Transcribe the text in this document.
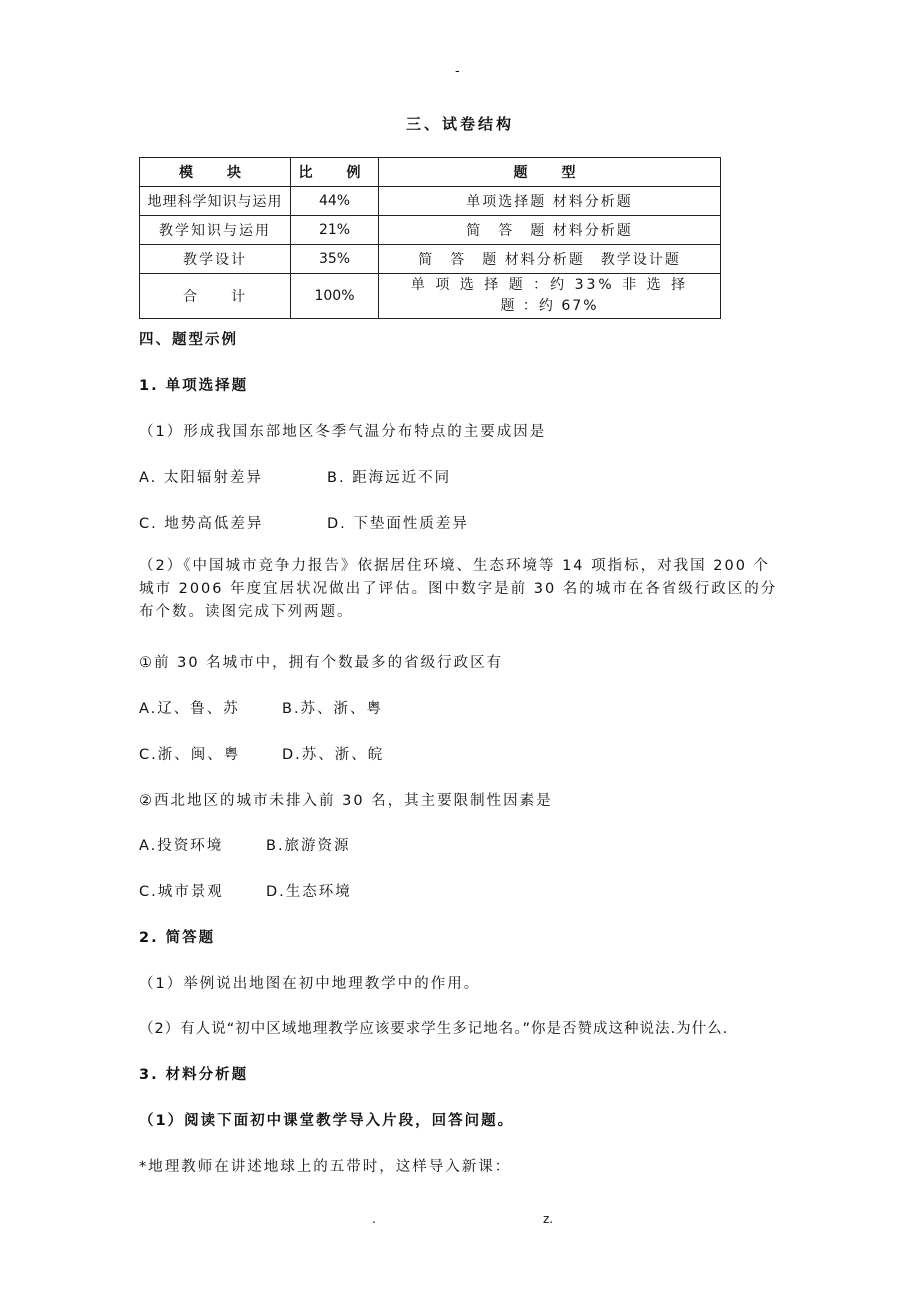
-
三、试卷结构
模　块	比　例	题　型
地理科学知识与运用	44%	单项选择题 材料分析题
教学知识与运用	21%	简　答　题 材料分析题
教学设计	35%	简　答　题 材料分析题　教学设计题
合　　计	100%	单 项 选 择 题 ：约 33% 非 选 择
题 ：约 67%
四、题型示例
1. 单项选择题
（1）形成我国东部地区冬季气温分布特点的主要成因是
A. 太阳辐射差异	B. 距海远近不同
C. 地势高低差异	D. 下垫面性质差异
（2）《中国城市竞争力报告》依据居住环境、生态环境等 14 项指标，对我国 200 个城市 2006 年度宜居状况做出了评估。图中数字是前 30 名的城市在各省级行政区的分布个数。读图完成下列两题。
①前 30 名城市中，拥有个数最多的省级行政区有
A.辽、鲁、苏	B.苏、浙、粤
C.浙、闽、粤	D.苏、浙、皖
②西北地区的城市未排入前 30 名，其主要限制性因素是
A.投资环境	B.旅游资源
C.城市景观	D.生态环境
2. 简答题
（1）举例说出地图在初中地理教学中的作用。
（2）有人说“初中区域地理教学应该要求学生多记地名。”你是否赞成这种说法.为什么.
3. 材料分析题
（1）阅读下面初中课堂教学导入片段，回答问题。
*地理教师在讲述地球上的五带时，这样导入新课：
.	z.
